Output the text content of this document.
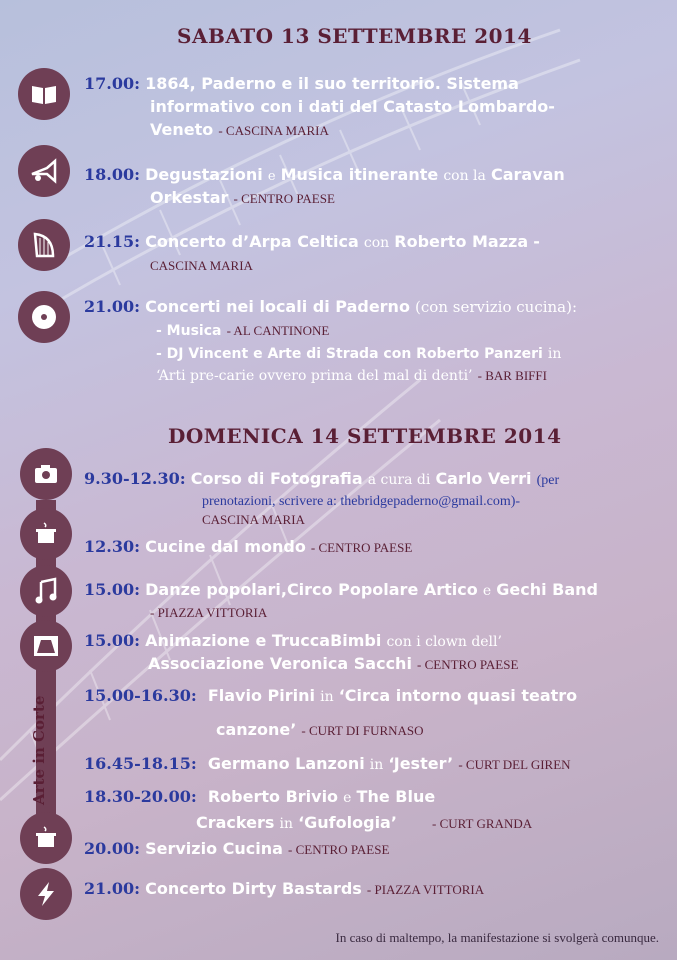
SABATO 13 SETTEMBRE 2014
17.00: 1864, Paderno e il suo territorio. Sistema
informativo con i dati del Catasto Lombardo-
Veneto - CASCINA MARIA
18.00: Degustazioni e Musica itinerante con la Caravan
Orkestar - CENTRO PAESE
21.15: Concerto d’Arpa Celtica con Roberto Mazza -
CASCINA MARIA
21.00: Concerti nei locali di Paderno (con servizio cucina):
- Musica - AL CANTINONE
- DJ Vincent e Arte di Strada con Roberto Panzeri in
‘Arti pre-carie ovvero prima del mal di denti’ - BAR BIFFI
DOMENICA 14 SETTEMBRE 2014
Arte in Corte
9.30-12.30: Corso di Fotografia a cura di Carlo Verri (per
prenotazioni, scrivere a: thebridgepaderno@gmail.com)-
CASCINA MARIA
12.30: Cucine dal mondo - CENTRO PAESE
15.00: Danze popolari,Circo Popolare Artico e Gechi Band
- PIAZZA VITTORIA
15.00: Animazione e TruccaBimbi con i clown dell’
Associazione Veronica Sacchi - CENTRO PAESE
15.00-16.30: Flavio Pirini in ‘Circa intorno quasi teatro
canzone’ - CURT DI FURNASO
16.45-18.15: Germano Lanzoni in ‘Jester’ - CURT DEL GIREN
18.30-20.00: Roberto Brivio e The Blue
Crackers in ‘Gufologia’	- CURT GRANDA
20.00: Servizio Cucina - CENTRO PAESE
21.00: Concerto Dirty Bastards - PIAZZA VITTORIA
In caso di maltempo, la manifestazione si svolgerà comunque.
